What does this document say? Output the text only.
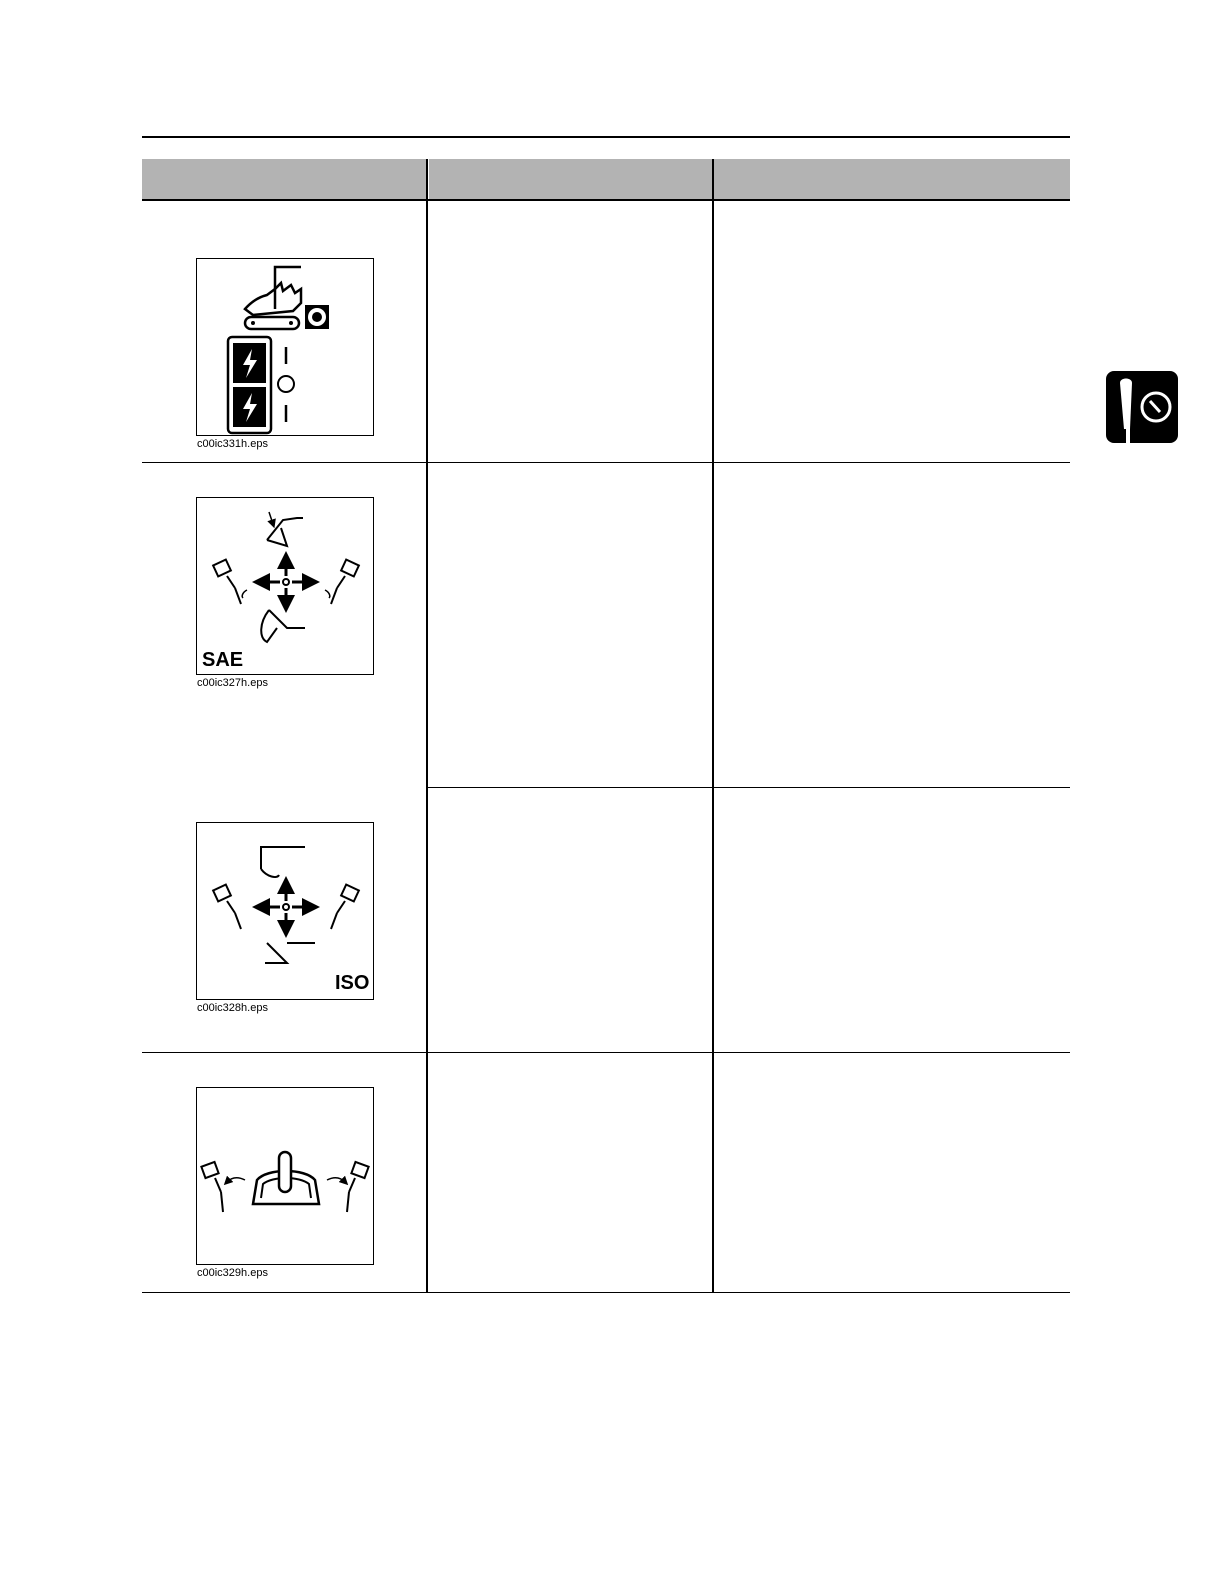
c00ic331h.eps
SAE
c00ic327h.eps
ISO
c00ic328h.eps
c00ic329h.eps
